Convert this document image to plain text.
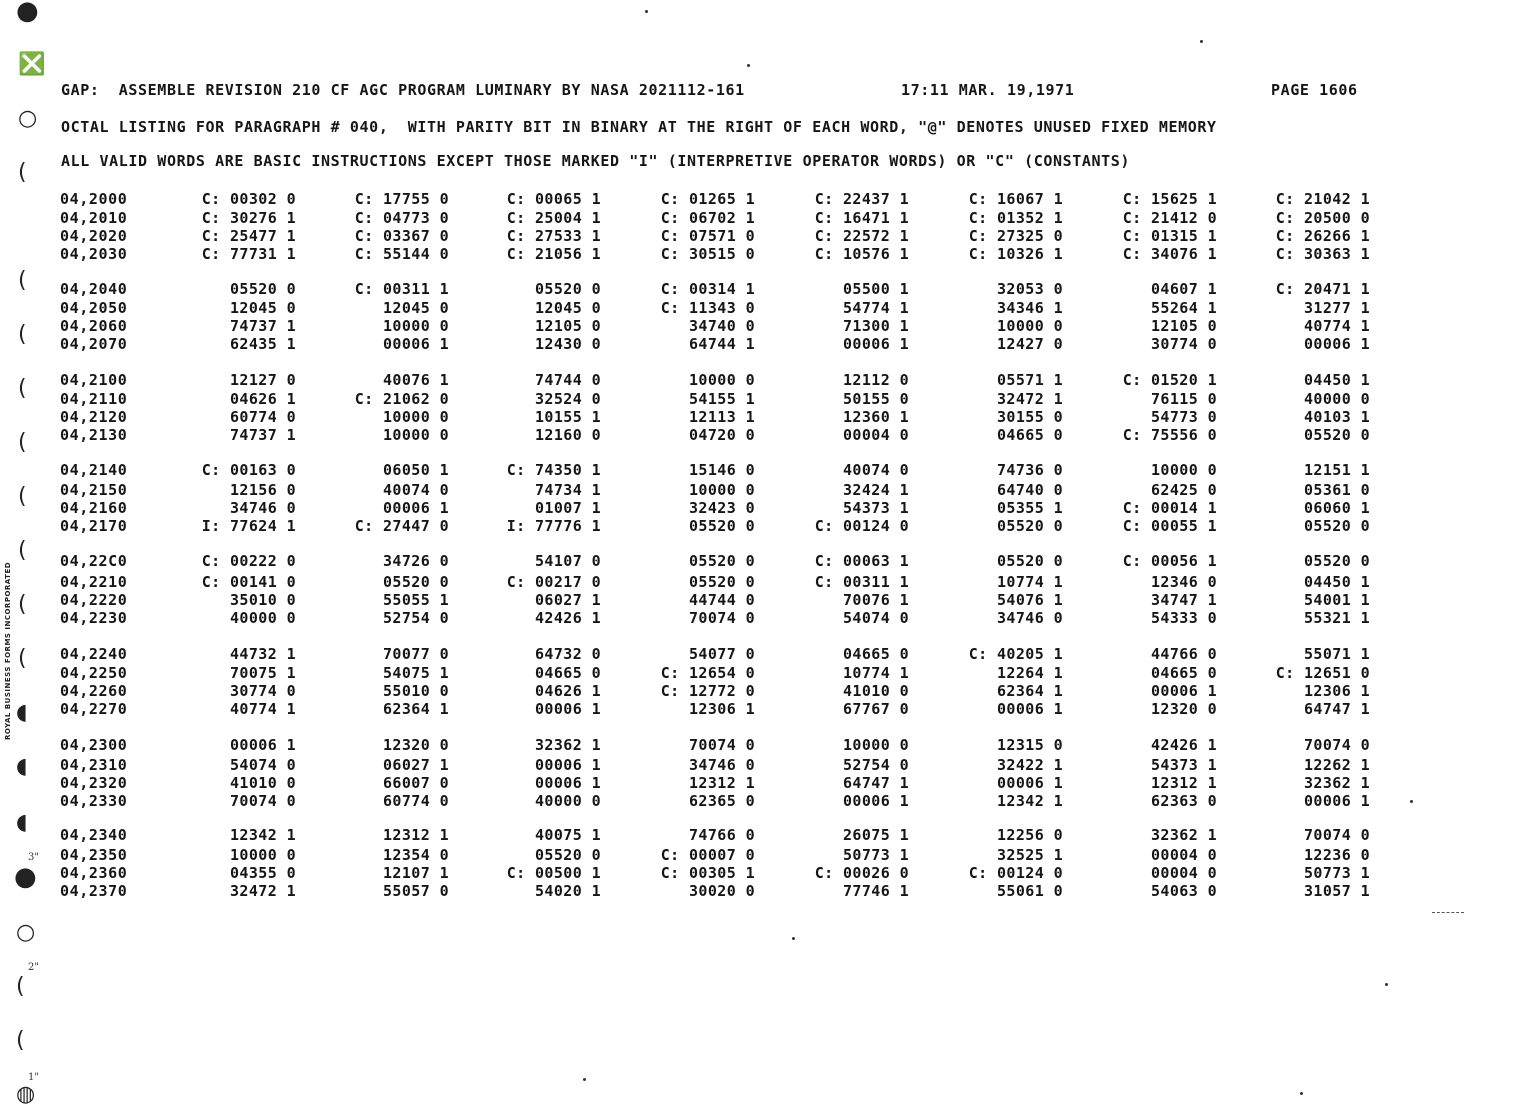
●
❎
○
(
(
(
(
(
(
(
(
(
◖
◖
◖
●
○
(
(
◍
3"
2"
1"
ROYAL BUSINESS FORMS INCORPORATED

GAP:  ASSEMBLE REVISION 210 CF AGC PROGRAM LUMINARY BY NASA 2021112-161

	17:11 MAR. 19,1971

	PAGE 1606

OCTAL LISTING FOR PARAGRAPH # 040,  WITH PARITY BIT IN BINARY AT THE RIGHT OF EACH WORD, "@" DENOTES UNUSED FIXED MEMORY
ALL VALID WORDS ARE BASIC INSTRUCTIONS EXCEPT THOSE MARKED "I" (INTERPRETIVE OPERATOR WORDS) OR "C" (CONSTANTS)
04,2000	C: 00302 0	C: 17755 0	C: 00065 1	C: 01265 1	C: 22437 1	C: 16067 1	C: 15625 1	C: 21042 1
04,2010	C: 30276 1	C: 04773 0	C: 25004 1	C: 06702 1	C: 16471 1	C: 01352 1	C: 21412 0	C: 20500 0
04,2020	C: 25477 1	C: 03367 0	C: 27533 1	C: 07571 0	C: 22572 1	C: 27325 0	C: 01315 1	C: 26266 1
04,2030	C: 77731 1	C: 55144 0	C: 21056 1	C: 30515 0	C: 10576 1	C: 10326 1	C: 34076 1	C: 30363 1
04,2040	05520 0	C: 00311 1	05520 0	C: 00314 1	05500 1	32053 0	04607 1	C: 20471 1
04,2050	12045 0	12045 0	12045 0	C: 11343 0	54774 1	34346 1	55264 1	31277 1
04,2060	74737 1	10000 0	12105 0	34740 0	71300 1	10000 0	12105 0	40774 1
04,2070	62435 1	00006 1	12430 0	64744 1	00006 1	12427 0	30774 0	00006 1
04,2100	12127 0	40076 1	74744 0	10000 0	12112 0	05571 1	C: 01520 1	04450 1
04,2110	04626 1	C: 21062 0	32524 0	54155 1	50155 0	32472 1	76115 0	40000 0
04,2120	60774 0	10000 0	10155 1	12113 1	12360 1	30155 0	54773 0	40103 1
04,2130	74737 1	10000 0	12160 0	04720 0	00004 0	04665 0	C: 75556 0	05520 0
04,2140	C: 00163 0	06050 1	C: 74350 1	15146 0	40074 0	74736 0	10000 0	12151 1
04,2150	12156 0	40074 0	74734 1	10000 0	32424 1	64740 0	62425 0	05361 0
04,2160	34746 0	00006 1	01007 1	32423 0	54373 1	05355 1	C: 00014 1	06060 1
04,2170	I: 77624 1	C: 27447 0	I: 77776 1	05520 0	C: 00124 0	05520 0	C: 00055 1	05520 0
04,22C0	C: 00222 0	34726 0	54107 0	05520 0	C: 00063 1	05520 0	C: 00056 1	05520 0
04,2210	C: 00141 0	05520 0	C: 00217 0	05520 0	C: 00311 1	10774 1	12346 0	04450 1
04,2220	35010 0	55055 1	06027 1	44744 0	70076 1	54076 1	34747 1	54001 1
04,2230	40000 0	52754 0	42426 1	70074 0	54074 0	34746 0	54333 0	55321 1
04,2240	44732 1	70077 0	64732 0	54077 0	04665 0	C: 40205 1	44766 0	55071 1
04,2250	70075 1	54075 1	04665 0	C: 12654 0	10774 1	12264 1	04665 0	C: 12651 0
04,2260	30774 0	55010 0	04626 1	C: 12772 0	41010 0	62364 1	00006 1	12306 1
04,2270	40774 1	62364 1	00006 1	12306 1	67767 0	00006 1	12320 0	64747 1
04,2300	00006 1	12320 0	32362 1	70074 0	10000 0	12315 0	42426 1	70074 0
04,2310	54074 0	06027 1	00006 1	34746 0	52754 0	32422 1	54373 1	12262 1
04,2320	41010 0	66007 0	00006 1	12312 1	64747 1	00006 1	12312 1	32362 1
04,2330	70074 0	60774 0	40000 0	62365 0	00006 1	12342 1	62363 0	00006 1
04,2340	12342 1	12312 1	40075 1	74766 0	26075 1	12256 0	32362 1	70074 0
04,2350	10000 0	12354 0	05520 0	C: 00007 0	50773 1	32525 1	00004 0	12236 0
04,2360	04355 0	12107 1	C: 00500 1	C: 00305 1	C: 00026 0	C: 00124 0	00004 0	50773 1
04,2370	32472 1	55057 0	54020 1	30020 0	77746 1	55061 0	54063 0	31057 1
